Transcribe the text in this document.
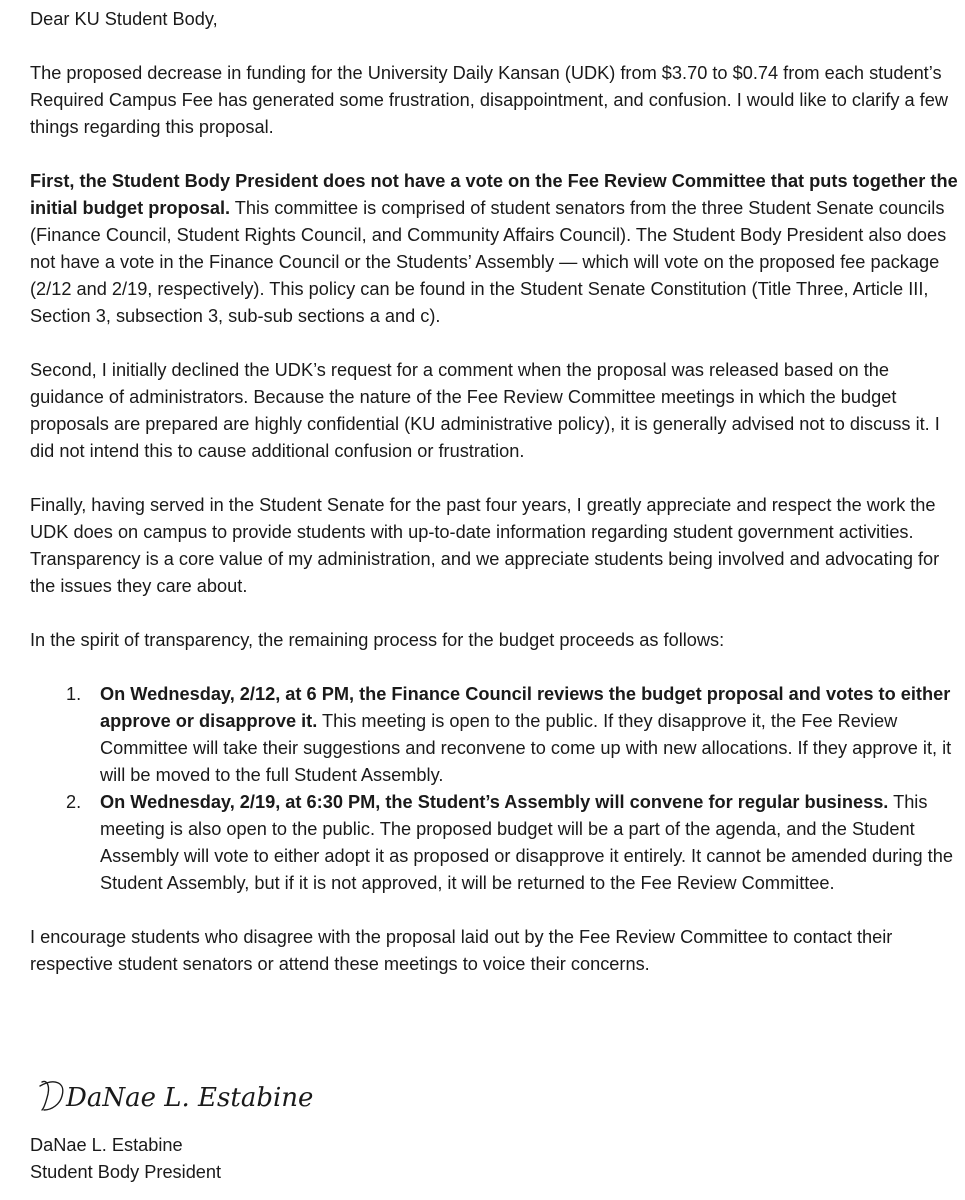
Dear KU Student Body,

The proposed decrease in funding for the University Daily Kansan (UDK) from $3.70 to $0.74 from each student’s Required Campus Fee has generated some frustration, disappointment, and confusion. I would like to clarify a few things regarding this proposal.

First, the Student Body President does not have a vote on the Fee Review Committee that puts together the initial budget proposal. This committee is comprised of student senators from the three Student Senate councils (Finance Council, Student Rights Council, and Community Affairs Council). The Student Body President also does not have a vote in the Finance Council or the Students’ Assembly — which will vote on the proposed fee package (2/12 and 2/19, respectively). This policy can be found in the Student Senate Constitution (Title Three, Article III, Section 3, subsection 3, sub-sub sections a and c).

Second, I initially declined the UDK’s request for a comment when the proposal was released based on the guidance of administrators. Because the nature of the Fee Review Committee meetings in which the budget proposals are prepared are highly confidential (KU administrative policy), it is generally advised not to discuss it. I did not intend this to cause additional confusion or frustration.

Finally, having served in the Student Senate for the past four years, I greatly appreciate and respect the work the UDK does on campus to provide students with up-to-date information regarding student government activities. Transparency is a core value of my administration, and we appreciate students being involved and advocating for the issues they care about.

In the spirit of transparency, the remaining process for the budget proceeds as follows:

1. On Wednesday, 2/12, at 6 PM, the Finance Council reviews the budget proposal and votes to either approve or disapprove it. This meeting is open to the public. If they disapprove it, the Fee Review Committee will take their suggestions and reconvene to come up with new allocations. If they approve it, it will be moved to the full Student Assembly.
2. On Wednesday, 2/19, at 6:30 PM, the Student’s Assembly will convene for regular business. This meeting is also open to the public. The proposed budget will be a part of the agenda, and the Student Assembly will vote to either adopt it as proposed or disapprove it entirely. It cannot be amended during the Student Assembly, but if it is not approved, it will be returned to the Fee Review Committee.

I encourage students who disagree with the proposal laid out by the Fee Review Committee to contact their respective student senators or attend these meetings to voice their concerns.

DaNae L. Estabine

DaNae L. Estabine

Student Body President
